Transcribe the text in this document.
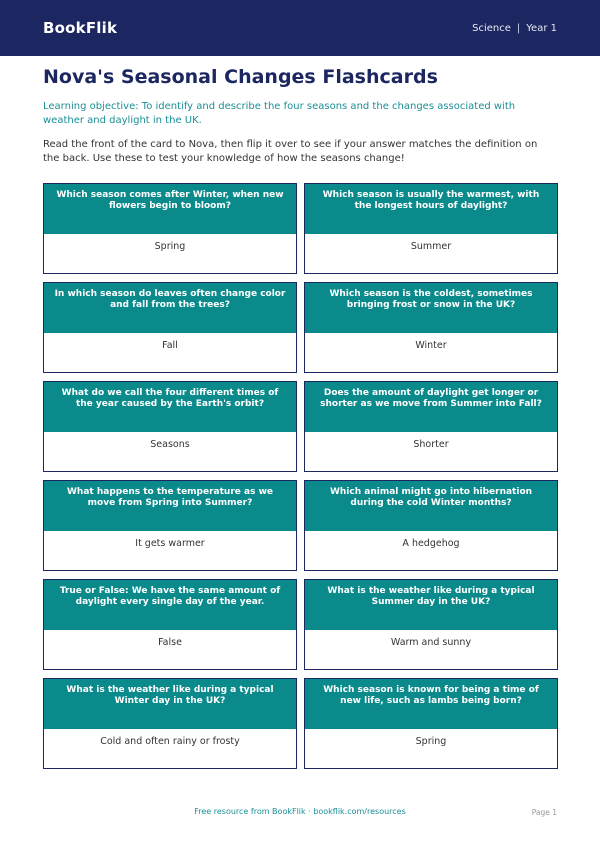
BookFlik	Science | Year 1
Nova's Seasonal Changes Flashcards

Learning objective: To identify and describe the four seasons and the changes associated with weather and daylight in the UK.

Read the front of the card to Nova, then flip it over to see if your answer matches the definition on the back. Use these to test your knowledge of how the seasons change!

Which season comes after Winter, when new flowers begin to bloom?
Spring
Which season is usually the warmest, with the longest hours of daylight?
Summer
In which season do leaves often change color and fall from the trees?
Fall
Which season is the coldest, sometimes bringing frost or snow in the UK?
Winter
What do we call the four different times of the year caused by the Earth's orbit?
Seasons
Does the amount of daylight get longer or shorter as we move from Summer into Fall?
Shorter
What happens to the temperature as we move from Spring into Summer?
It gets warmer
Which animal might go into hibernation during the cold Winter months?
A hedgehog
True or False: We have the same amount of daylight every single day of the year.
False
What is the weather like during a typical Summer day in the UK?
Warm and sunny
What is the weather like during a typical Winter day in the UK?
Cold and often rainy or frosty
Which season is known for being a time of new life, such as lambs being born?
Spring
Free resource from BookFlik · bookflik.com/resources	Page 1
